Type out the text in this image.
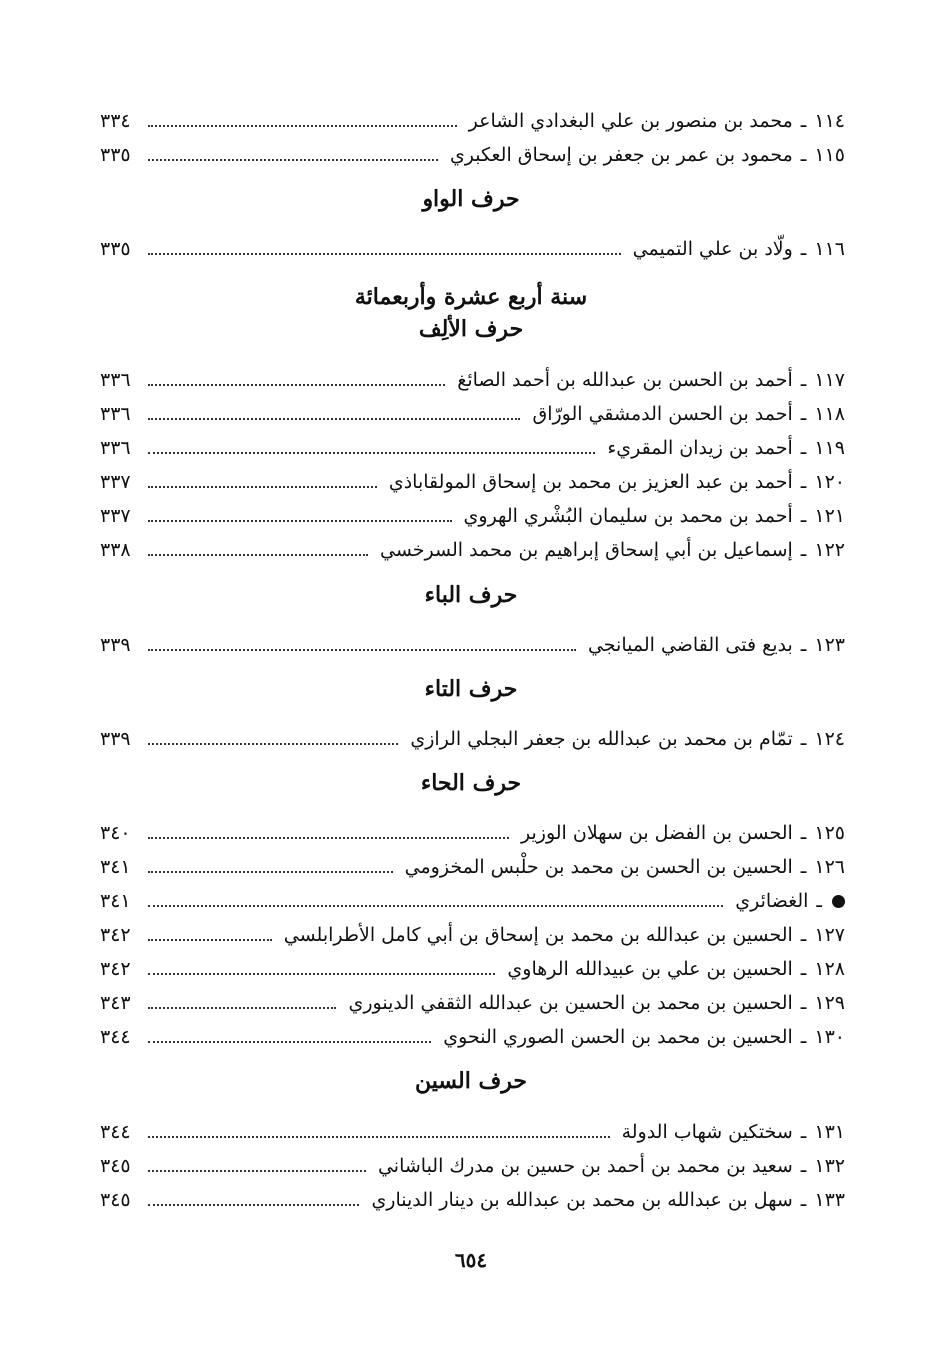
١١٤
ـ
محمد بن منصور بن علي البغدادي الشاعر
٣٣٤
١١٥
ـ
محمود بن عمر بن جعفر بن إسحاق العكبري
٣٣٥
حرف الواو
١١٦
ـ
ولّاد بن علي التميمي
٣٣٥
سنة أربع عشرة وأربعمائة
حرف الألِف
١١٧
ـ
أحمد بن الحسن بن عبدالله بن أحمد الصائغ
٣٣٦
١١٨
ـ
أحمد بن الحسن الدمشقي الورّاق
٣٣٦
١١٩
ـ
أحمد بن زيدان المقريء
٣٣٦
١٢٠
ـ
أحمد بن عبد العزيز بن محمد بن إسحاق المولقاباذي
٣٣٧
١٢١
ـ
أحمد بن محمد بن سليمان البُشْري الهروي
٣٣٧
١٢٢
ـ
إسماعيل بن أبي إسحاق إبراهيم بن محمد السرخسي
٣٣٨
حرف الباء
١٢٣
ـ
بديع فتى القاضي الميانجي
٣٣٩
حرف التاء
١٢٤
ـ
تمّام بن محمد بن عبدالله بن جعفر البجلي الرازي
٣٣٩
حرف الحاء
١٢٥
ـ
الحسن بن الفضل بن سهلان الوزير
٣٤٠
١٢٦
ـ
الحسين بن الحسن بن محمد بن حلْبس المخزومي
٣٤١
ـ
الغضائري
٣٤١
١٢٧
ـ
الحسين بن عبدالله بن محمد بن إسحاق بن أبي كامل الأطرابلسي
٣٤٢
١٢٨
ـ
الحسين بن علي بن عبيدالله الرهاوي
٣٤٢
١٢٩
ـ
الحسين بن محمد بن الحسين بن عبدالله الثقفي الدينوري
٣٤٣
١٣٠
ـ
الحسين بن محمد بن الحسن الصوري النحوي
٣٤٤
حرف السين
١٣١
ـ
سختكين شهاب الدولة
٣٤٤
١٣٢
ـ
سعيد بن محمد بن أحمد بن حسين بن مدرك الباشاني
٣٤٥
١٣٣
ـ
سهل بن عبدالله بن محمد بن عبدالله بن دينار الديناري
٣٤٥
٦٥٤
